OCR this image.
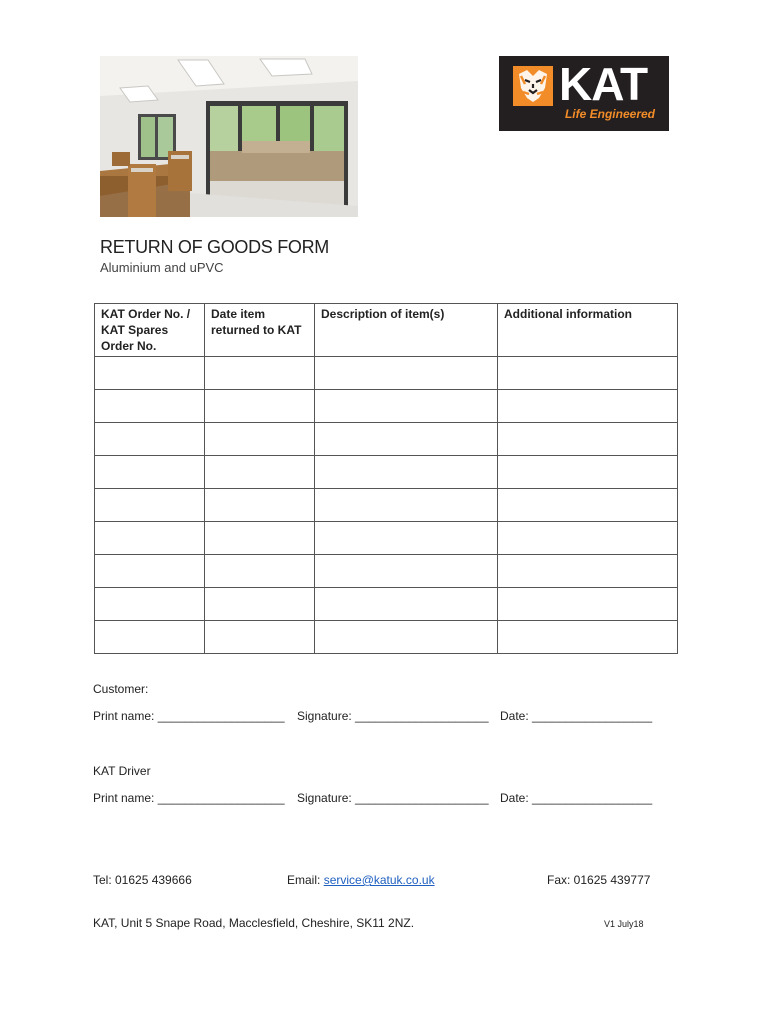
KAT
Life Engineered
RETURN OF GOODS FORM
Aluminium and uPVC
KAT Order No. / KAT Spares Order No.	Date item returned to KAT	Description of item(s)	Additional information

Customer:
Print name: ___________________ Signature: ____________________ Date: __________________
KAT Driver
Print name: ___________________ Signature: ____________________ Date: __________________
Tel: 01625 439666	Email: service@katuk.co.uk	Fax: 01625 439777
KAT, Unit 5 Snape Road, Macclesfield, Cheshire, SK11 2NZ.	V1 July18
